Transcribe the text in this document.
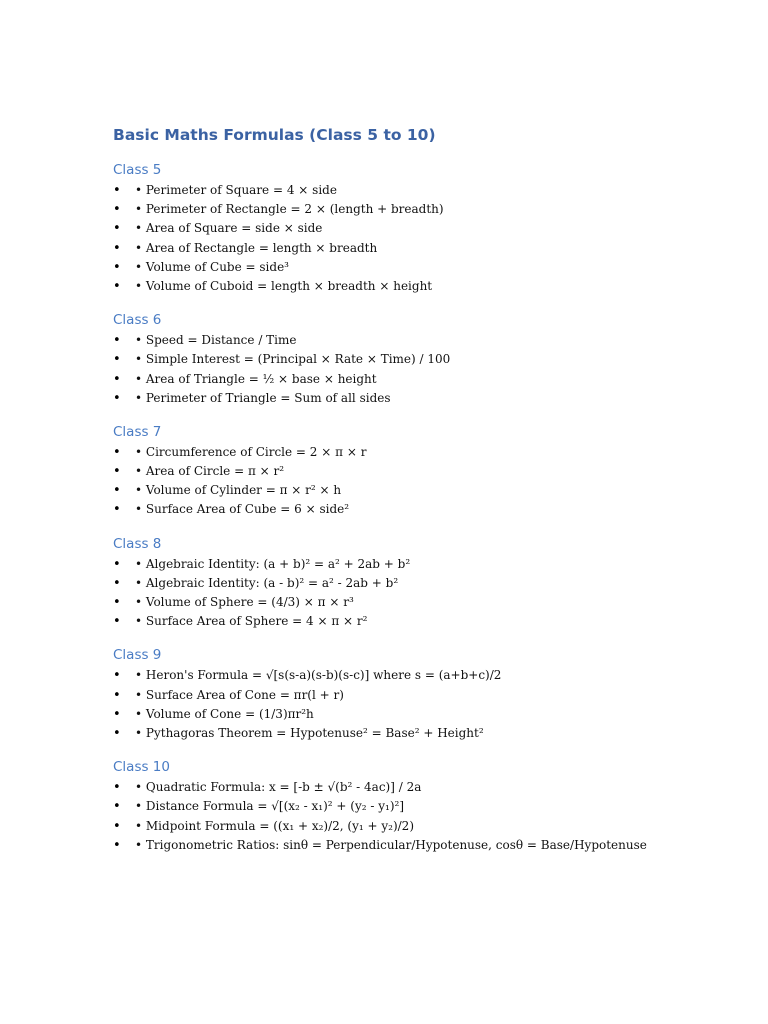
Basic Maths Formulas (Class 5 to 10)
Class 5
• • Perimeter of Square = 4 × side
• • Perimeter of Rectangle = 2 × (length + breadth)
• • Area of Square = side × side
• • Area of Rectangle = length × breadth
• • Volume of Cube = side³
• • Volume of Cuboid = length × breadth × height
Class 6
• • Speed = Distance / Time
• • Simple Interest = (Principal × Rate × Time) / 100
• • Area of Triangle = ½ × base × height
• • Perimeter of Triangle = Sum of all sides
Class 7
• • Circumference of Circle = 2 × π × r
• • Area of Circle = π × r²
• • Volume of Cylinder = π × r² × h
• • Surface Area of Cube = 6 × side²
Class 8
• • Algebraic Identity: (a + b)² = a² + 2ab + b²
• • Algebraic Identity: (a - b)² = a² - 2ab + b²
• • Volume of Sphere = (4/3) × π × r³
• • Surface Area of Sphere = 4 × π × r²
Class 9
• • Heron's Formula = √[s(s-a)(s-b)(s-c)] where s = (a+b+c)/2
• • Surface Area of Cone = πr(l + r)
• • Volume of Cone = (1/3)πr²h
• • Pythagoras Theorem = Hypotenuse² = Base² + Height²
Class 10
• • Quadratic Formula: x = [-b ± √(b² - 4ac)] / 2a
• • Distance Formula = √[(x₂ - x₁)² + (y₂ - y₁)²]
• • Midpoint Formula = ((x₁ + x₂)/2, (y₁ + y₂)/2)
• • Trigonometric Ratios: sinθ = Perpendicular/Hypotenuse, cosθ = Base/Hypotenuse
